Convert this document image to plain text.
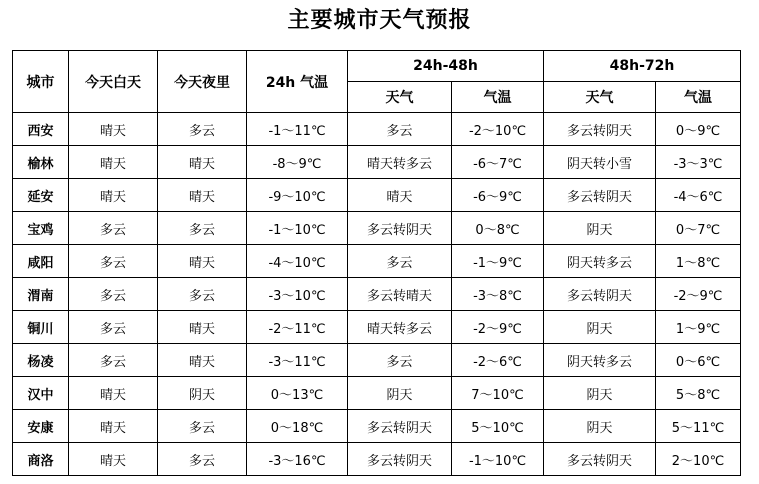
主要城市天气预报
城市	今天白天	今天夜里	24h 气温	24h-48h		48h-72h	
				天气	气温	天气	气温
西安	晴天	多云	-1～11℃	多云	-2～10℃	多云转阴天	0～9℃
榆林	晴天	晴天	-8～9℃	晴天转多云	-6～7℃	阴天转小雪	-3～3℃
延安	晴天	晴天	-9～10℃	晴天	-6～9℃	多云转阴天	-4～6℃
宝鸡	多云	多云	-1～10℃	多云转阴天	0～8℃	阴天	0～7℃
咸阳	多云	晴天	-4～10℃	多云	-1～9℃	阴天转多云	1～8℃
渭南	多云	多云	-3～10℃	多云转晴天	-3～8℃	多云转阴天	-2～9℃
铜川	多云	晴天	-2～11℃	晴天转多云	-2～9℃	阴天	1～9℃
杨凌	多云	晴天	-3～11℃	多云	-2～6℃	阴天转多云	0～6℃
汉中	晴天	阴天	0～13℃	阴天	7～10℃	阴天	5～8℃
安康	晴天	多云	0～18℃	多云转阴天	5～10℃	阴天	5～11℃
商洛	晴天	多云	-3～16℃	多云转阴天	-1～10℃	多云转阴天	2～10℃
